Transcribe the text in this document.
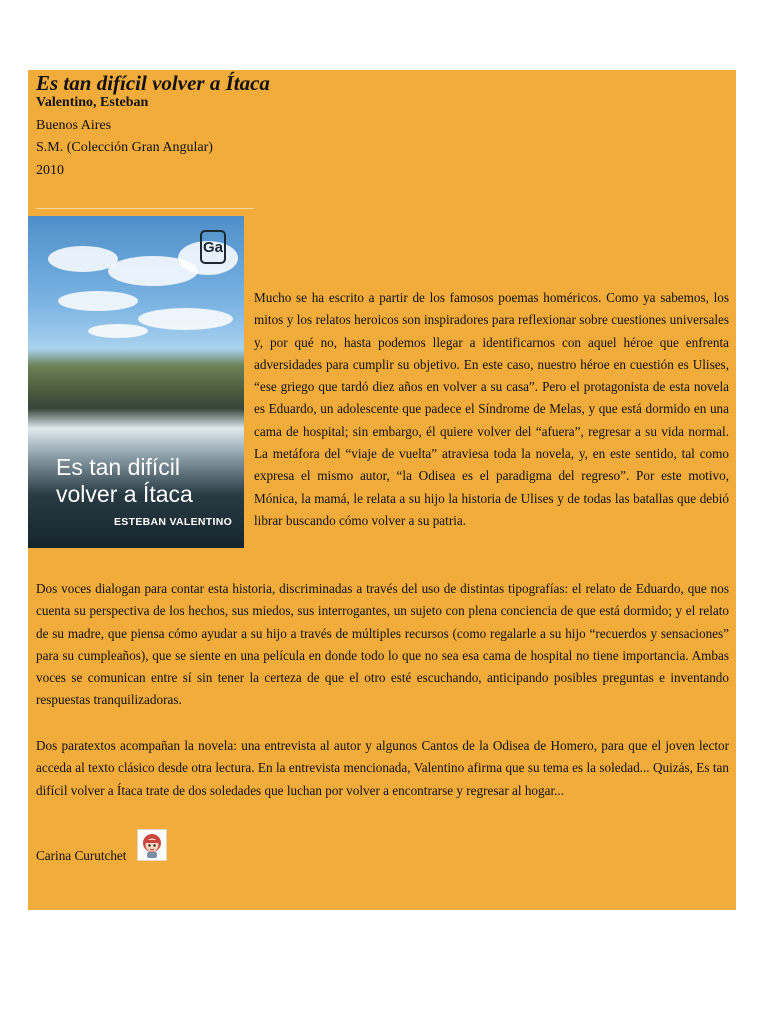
Es tan difícil volver a Ítaca
Valentino, Esteban
Buenos Aires
S.M. (Colección Gran Angular)
2010
Ga
Es tan difícil
volver a Ítaca
ESTEBAN VALENTINO

Mucho se ha escrito a partir de los famosos poemas homéricos. Como ya sabemos, los mitos y los relatos heroicos son inspiradores para reflexionar sobre cuestiones universales y, por qué no, hasta podemos llegar a identificarnos con aquel héroe que enfrenta adversidades para cumplir su objetivo. En este caso, nuestro héroe en cuestión es Ulises, “ese griego que tardó diez años en volver a su casa”. Pero el protagonista de esta novela es Eduardo, un adolescente que padece el Síndrome de Melas, y que está dormido en una cama de hospital; sin embargo, él quiere volver del “afuera”, regresar a su vida normal. La metáfora del “viaje de vuelta” atraviesa toda la novela, y, en este sentido, tal como expresa el mismo autor, “la Odisea es el paradigma del regreso”. Por este motivo, Mónica, la mamá, le relata a su hijo la historia de Ulises y de todas las batallas que debió librar buscando cómo volver a su patria.

Dos voces dialogan para contar esta historia, discriminadas a través del uso de distintas tipografías: el relato de Eduardo, que nos cuenta su perspectiva de los hechos, sus miedos, sus interrogantes, un sujeto con plena conciencia de que está dormido; y el relato de su madre, que piensa cómo ayudar a su hijo a través de múltiples recursos (como regalarle a su hijo “recuerdos y sensaciones” para su cumpleaños), que se siente en una película en donde todo lo que no sea esa cama de hospital no tiene importancia. Ambas voces se comunican entre sí sin tener la certeza de que el otro esté escuchando, anticipando posibles preguntas e inventando respuestas tranquilizadoras.

Dos paratextos acompañan la novela: una entrevista al autor y algunos Cantos de la Odisea de Homero, para que el joven lector acceda al texto clásico desde otra lectura. En la entrevista mencionada, Valentino afirma que su tema es la soledad... Quizás, Es tan difícil volver a Ítaca trate de dos soledades que luchan por volver a encontrarse y regresar al hogar...

Carina Curutchet
